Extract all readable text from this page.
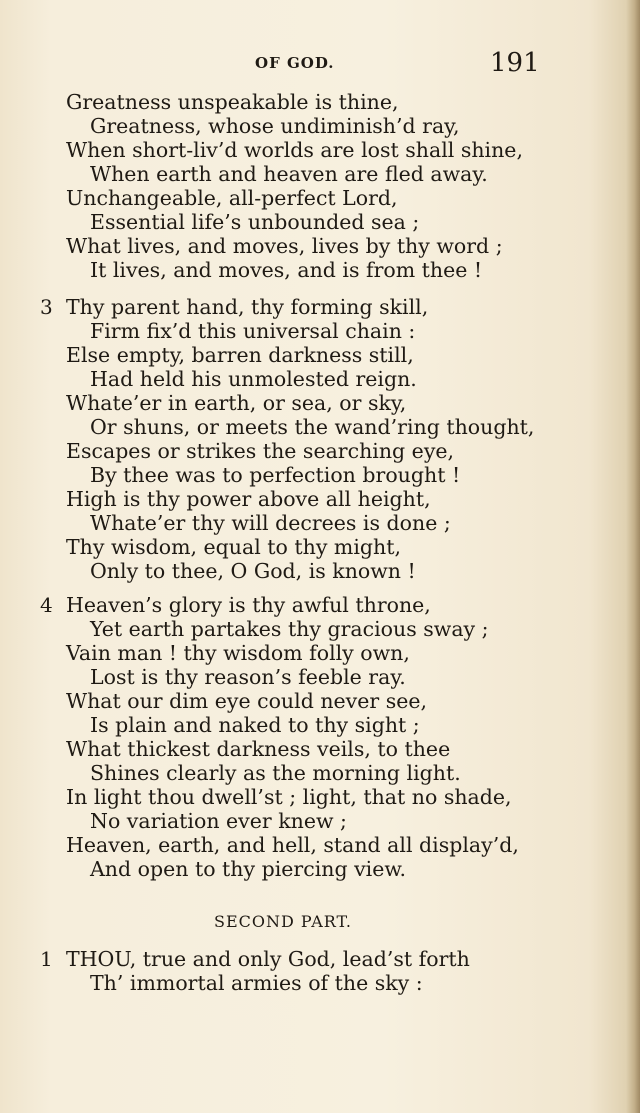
OF GOD.	191
Greatness unspeakable is thine,
Greatness, whose undiminish’d ray,
When short-liv’d worlds are lost shall shine,
When earth and heaven are fled away.
Unchangeable, all-perfect Lord,
Essential life’s unbounded sea ;
What lives, and moves, lives by thy word ;
It lives, and moves, and is from thee !
3 Thy parent hand, thy forming skill,
Firm fix’d this universal chain :
Else empty, barren darkness still,
Had held his unmolested reign.
Whate’er in earth, or sea, or sky,
Or shuns, or meets the wand’ring thought,
Escapes or strikes the searching eye,
By thee was to perfection brought !
High is thy power above all height,
Whate’er thy will decrees is done ;
Thy wisdom, equal to thy might,
Only to thee, O God, is known !
4 Heaven’s glory is thy awful throne,
Yet earth partakes thy gracious sway ;
Vain man ! thy wisdom folly own,
Lost is thy reason’s feeble ray.
What our dim eye could never see,
Is plain and naked to thy sight ;
What thickest darkness veils, to thee
Shines clearly as the morning light.
In light thou dwell’st ; light, that no shade,
No variation ever knew ;
Heaven, earth, and hell, stand all display’d,
And open to thy piercing view.
SECOND PART.
1 THOU, true and only God, lead’st forth
Th’ immortal armies of the sky :
